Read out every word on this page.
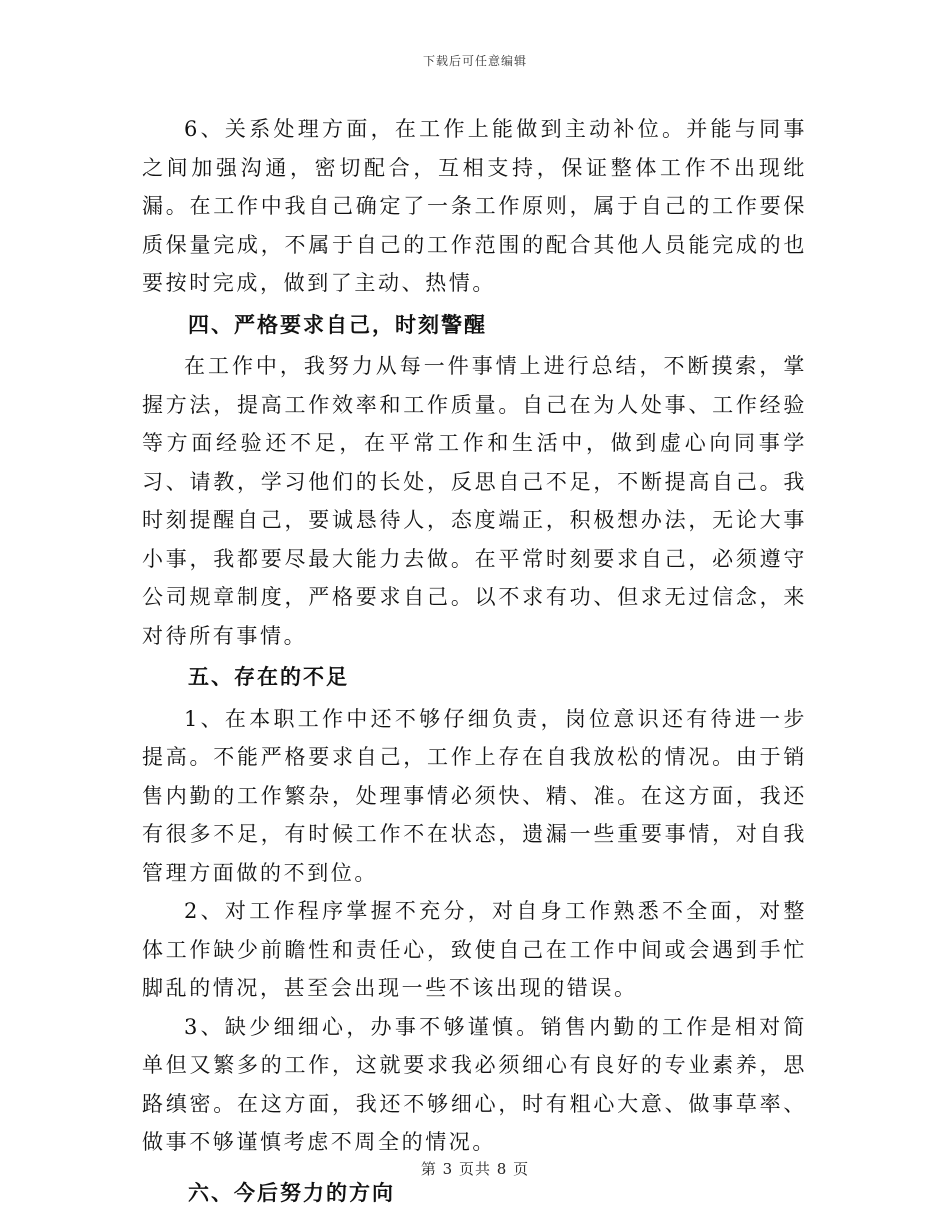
下载后可任意编辑

6、关系处理方面，在工作上能做到主动补位。并能与同事之间加强沟通，密切配合，互相支持，保证整体工作不出现纰漏。在工作中我自己确定了一条工作原则，属于自己的工作要保质保量完成，不属于自己的工作范围的配合其他人员能完成的也要按时完成，做到了主动、热情。

四、严格要求自己，时刻警醒

在工作中，我努力从每一件事情上进行总结，不断摸索，掌握方法，提高工作效率和工作质量。自己在为人处事、工作经验等方面经验还不足，在平常工作和生活中，做到虚心向同事学习、请教，学习他们的长处，反思自己不足，不断提高自己。我时刻提醒自己，要诚恳待人，态度端正，积极想办法，无论大事小事，我都要尽最大能力去做。在平常时刻要求自己，必须遵守公司规章制度，严格要求自己。以不求有功、但求无过信念，来对待所有事情。

五、存在的不足

1、在本职工作中还不够仔细负责，岗位意识还有待进一步提高。不能严格要求自己，工作上存在自我放松的情况。由于销售内勤的工作繁杂，处理事情必须快、精、准。在这方面，我还有很多不足，有时候工作不在状态，遗漏一些重要事情，对自我管理方面做的不到位。

2、对工作程序掌握不充分，对自身工作熟悉不全面，对整体工作缺少前瞻性和责任心，致使自己在工作中间或会遇到手忙脚乱的情况，甚至会出现一些不该出现的错误。

3、缺少细细心，办事不够谨慎。销售内勤的工作是相对简单但又繁多的工作，这就要求我必须细心有良好的专业素养，思路缜密。在这方面，我还不够细心，时有粗心大意、做事草率、做事不够谨慎考虑不周全的情况。

六、今后努力的方向

第 3 页共 8 页
